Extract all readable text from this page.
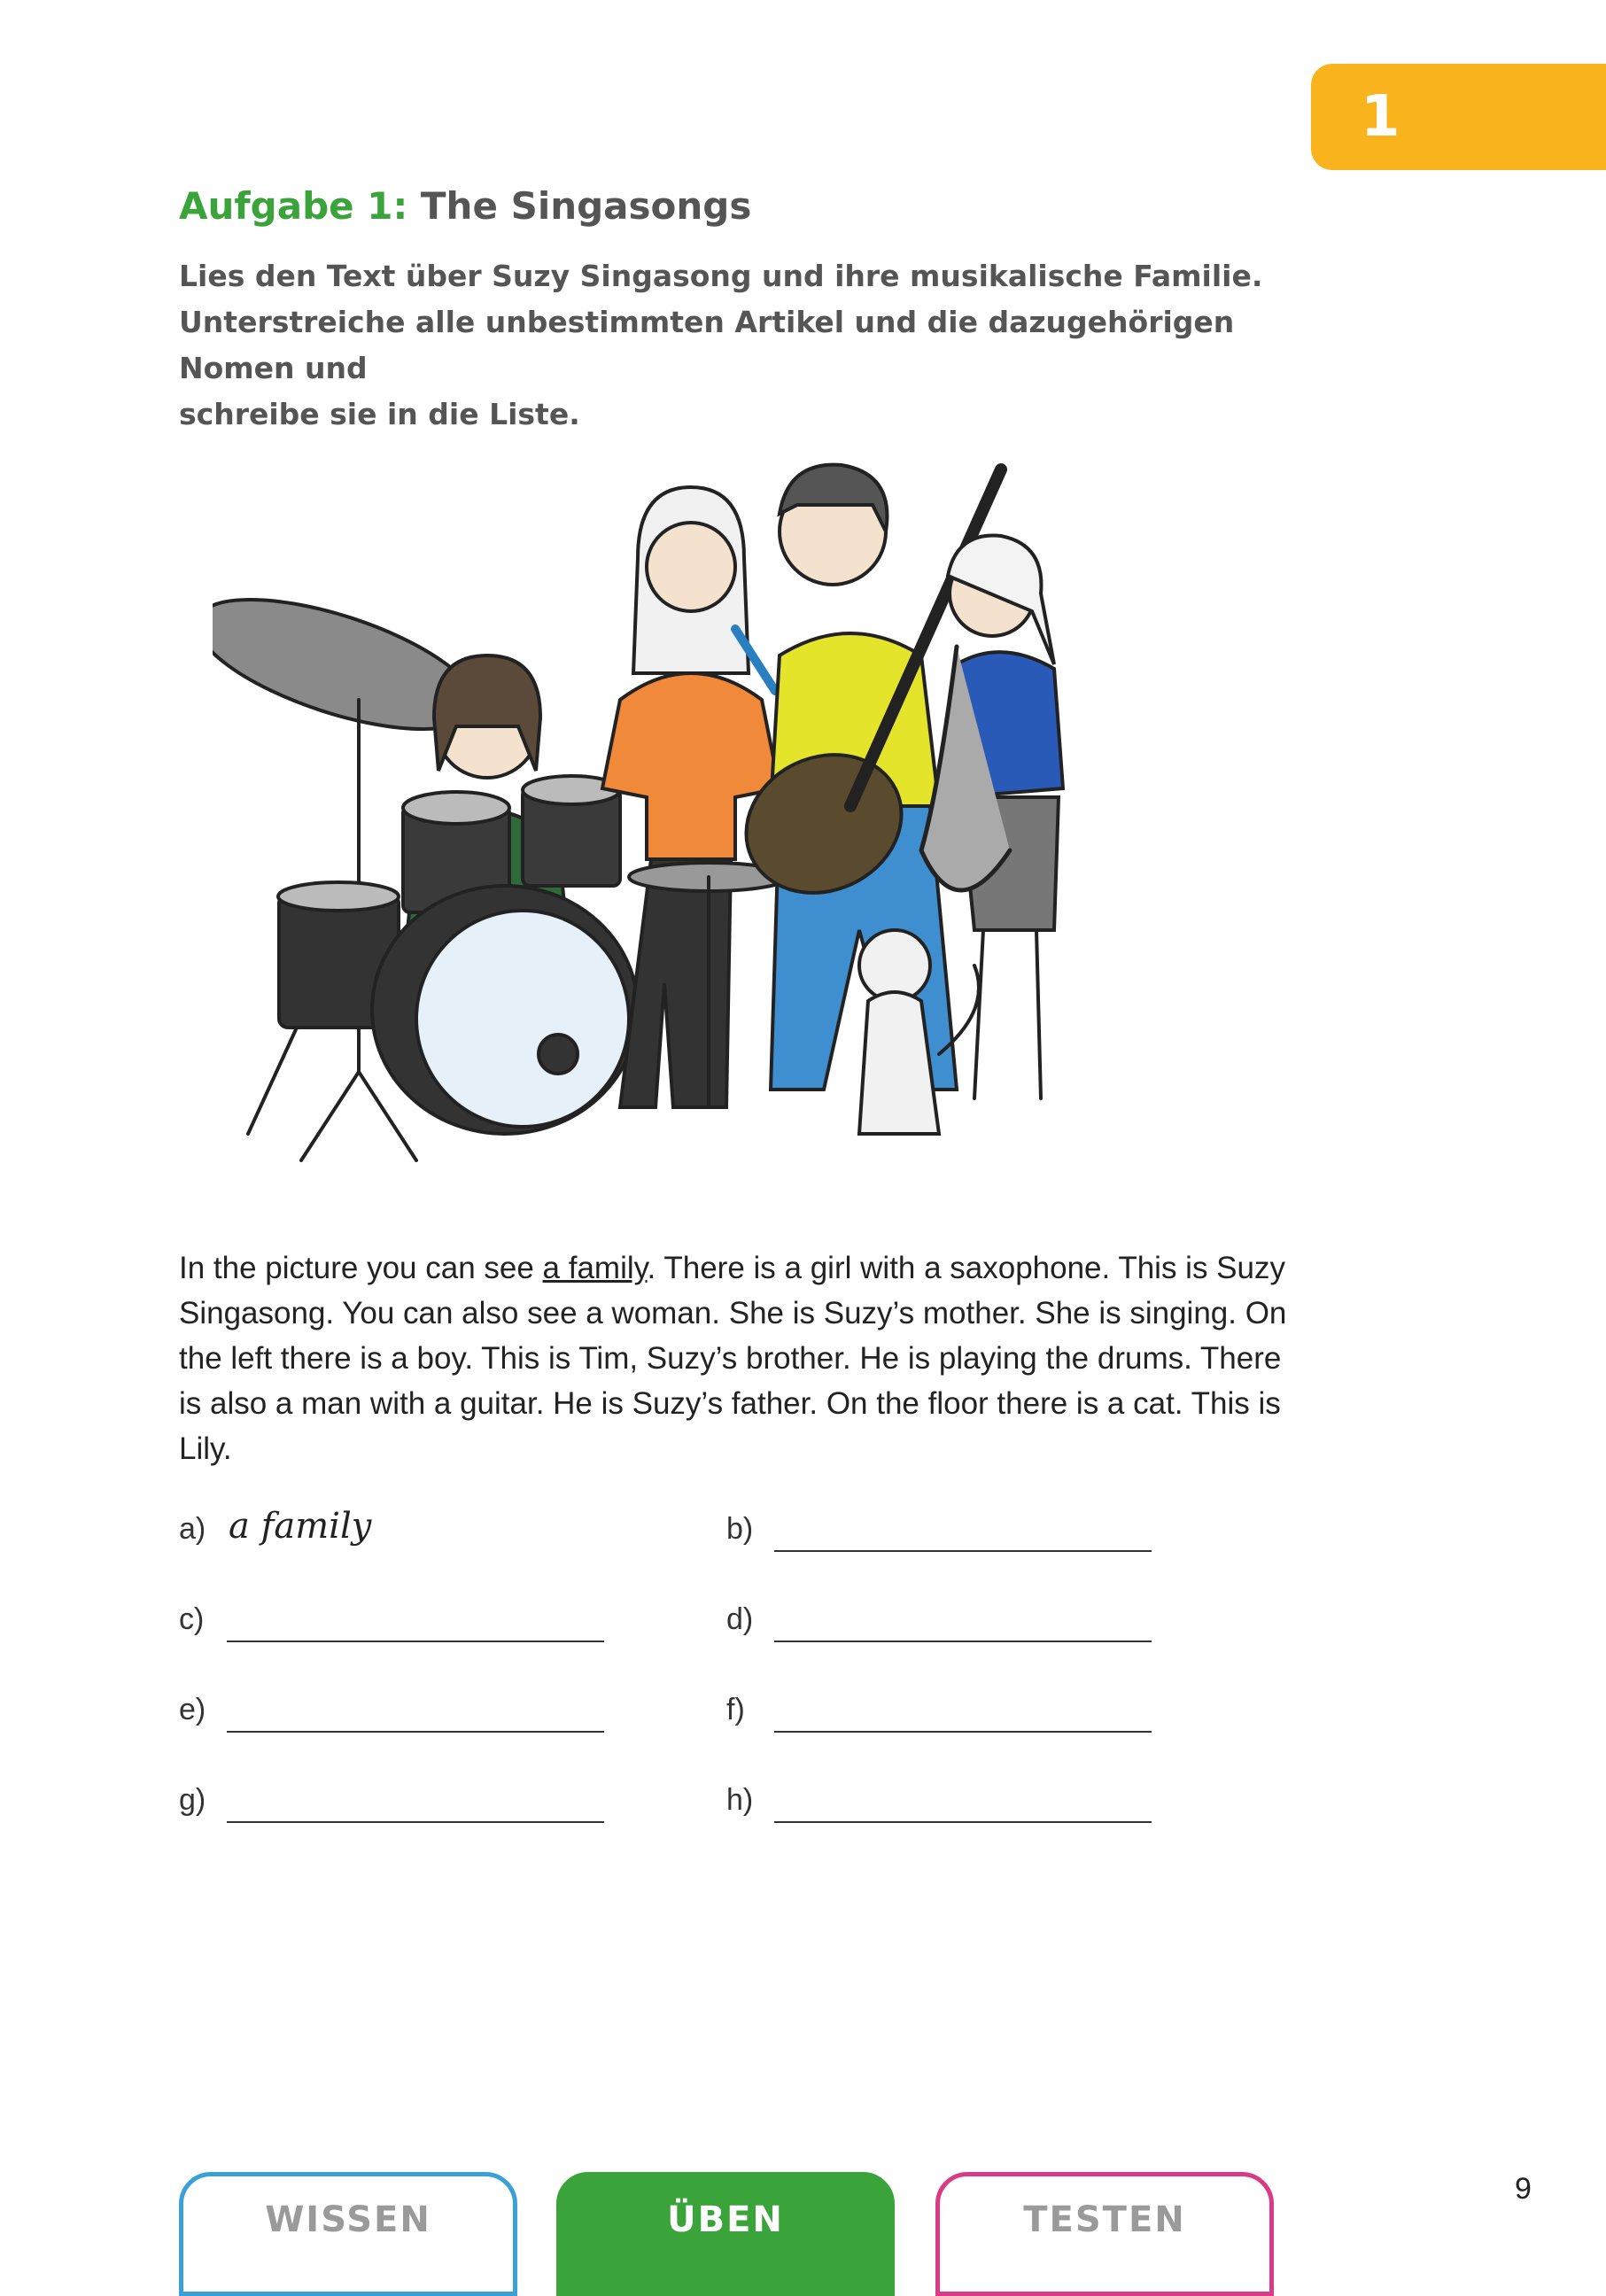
1
Aufgabe 1: The Singasongs
Lies den Text über Suzy Singasong und ihre musikalische Familie.
Unterstreiche alle unbestimmten Artikel und die dazugehörigen Nomen und
schreibe sie in die Liste.
In the picture you can see a family. There is a girl with a saxophone. This is Suzy Singasong. You can also see a woman. She is Suzy’s mother. She is singing. On the left there is a boy. This is Tim, Suzy’s brother. He is playing the drums. There is also a man with a guitar. He is Suzy’s father. On the floor there is a cat. This is Lily.
a) a family	b)
c)	d)
e)	f)
g)	h)
WISSEN	ÜBEN	TESTEN
9
